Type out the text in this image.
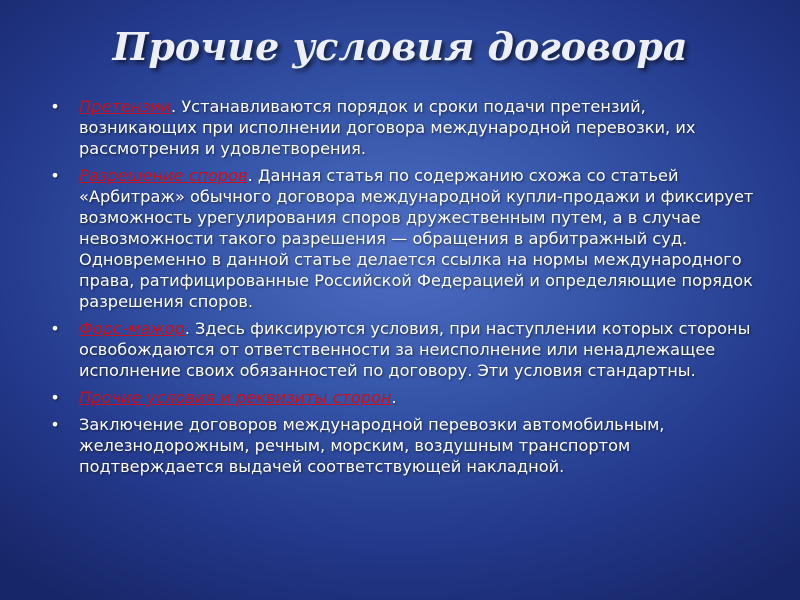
Прочие условия договора
• Претензии. Устанавливаются порядок и сроки подачи претензий, возникающих при исполнении договора международной перевозки, их рассмотрения и удовлетворения.
• Разрешение споров. Данная статья по содержанию схожа со статьей «Арбитраж» обычного договора международной купли-продажи и фиксирует возможность урегулирования споров дружественным путем, а в случае невозможности такого разрешения — обращения в арбитражный суд. Одновременно в данной статье делается ссылка на нормы международного права, ратифицированные Российской Федерацией и определяющие порядок разрешения споров.
• Форс-мажор. Здесь фиксируются условия, при наступлении которых стороны освобождаются от ответственности за неисполнение или ненадлежащее исполнение своих обязанностей по договору. Эти условия стандартны.
• Прочие условия и реквизиты сторон.
• Заключение договоров международной перевозки автомобильным, железнодорожным, речным, морским, воздушным транспортом подтверждается выдачей соответствующей накладной.
